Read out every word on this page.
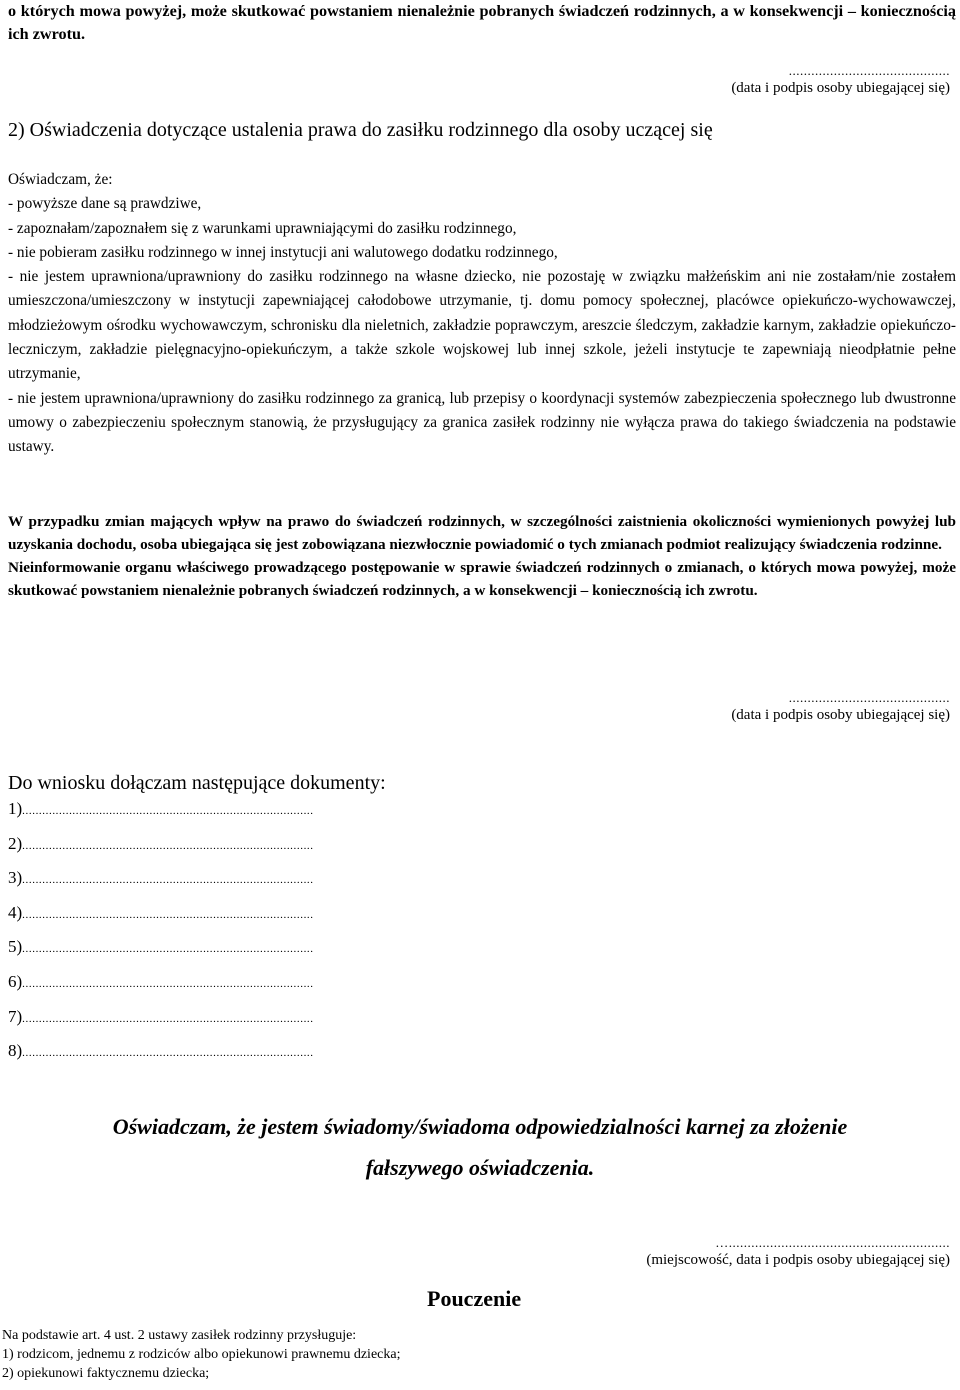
o których mowa powyżej, może skutkować powstaniem nienależnie pobranych świadczeń rodzinnych, a w konsekwencji – koniecznością ich zwrotu.
...........................................
(data i podpis osoby ubiegającej się)
2) Oświadczenia dotyczące ustalenia prawa do zasiłku rodzinnego dla osoby uczącej się
Oświadczam, że:
- powyższe dane są prawdziwe,
- zapoznałam/zapoznałem się z warunkami uprawniającymi do zasiłku rodzinnego,
- nie pobieram zasiłku rodzinnego w innej instytucji ani walutowego dodatku rodzinnego,
- nie jestem uprawniona/uprawniony do zasiłku rodzinnego na własne dziecko, nie pozostaję w związku małżeńskim ani nie zostałam/nie zostałem umieszczona/umieszczony w instytucji zapewniającej całodobowe utrzymanie, tj. domu pomocy społecznej, placówce opiekuńczo-wychowawczej, młodzieżowym ośrodku wychowawczym, schronisku dla nieletnich, zakładzie poprawczym, areszcie śledczym, zakładzie karnym, zakładzie opiekuńczo-leczniczym, zakładzie pielęgnacyjno-opiekuńczym, a także szkole wojskowej lub innej szkole, jeżeli instytucje te zapewniają nieodpłatnie pełne utrzymanie,
- nie jestem uprawniona/uprawniony do zasiłku rodzinnego za granicą, lub przepisy o koordynacji systemów zabezpieczenia społecznego lub dwustronne umowy o zabezpieczeniu społecznym stanowią, że przysługujący za granica zasiłek rodzinny nie wyłącza prawa do takiego świadczenia na podstawie ustawy.

W przypadku zmian mających wpływ na prawo do świadczeń rodzinnych, w szczególności zaistnienia okoliczności wymienionych powyżej lub uzyskania dochodu, osoba ubiegająca się jest zobowiązana niezwłocznie powiadomić o tych zmianach podmiot realizujący świadczenia rodzinne.

Nieinformowanie organu właściwego prowadzącego postępowanie w sprawie świadczeń rodzinnych o zmianach, o których mowa powyżej, może skutkować powstaniem nienależnie pobranych świadczeń rodzinnych, a w konsekwencji – koniecznością ich zwrotu.

...........................................
(data i podpis osoby ubiegającej się)
Do wniosku dołączam następujące dokumenty:
1).......................................................................................
2).......................................................................................
3).......................................................................................
4).......................................................................................
5).......................................................................................
6).......................................................................................
7).......................................................................................
8).......................................................................................
Oświadczam, że jestem świadomy/świadoma odpowiedzialności karnej za złożenie
fałszywego oświadczenia.
…...........................................................
(miejscowość, data i podpis osoby ubiegającej się)
Pouczenie
Na podstawie art. 4 ust. 2 ustawy zasiłek rodzinny przysługuje:
1) rodzicom, jednemu z rodziców albo opiekunowi prawnemu dziecka;
2) opiekunowi faktycznemu dziecka;
